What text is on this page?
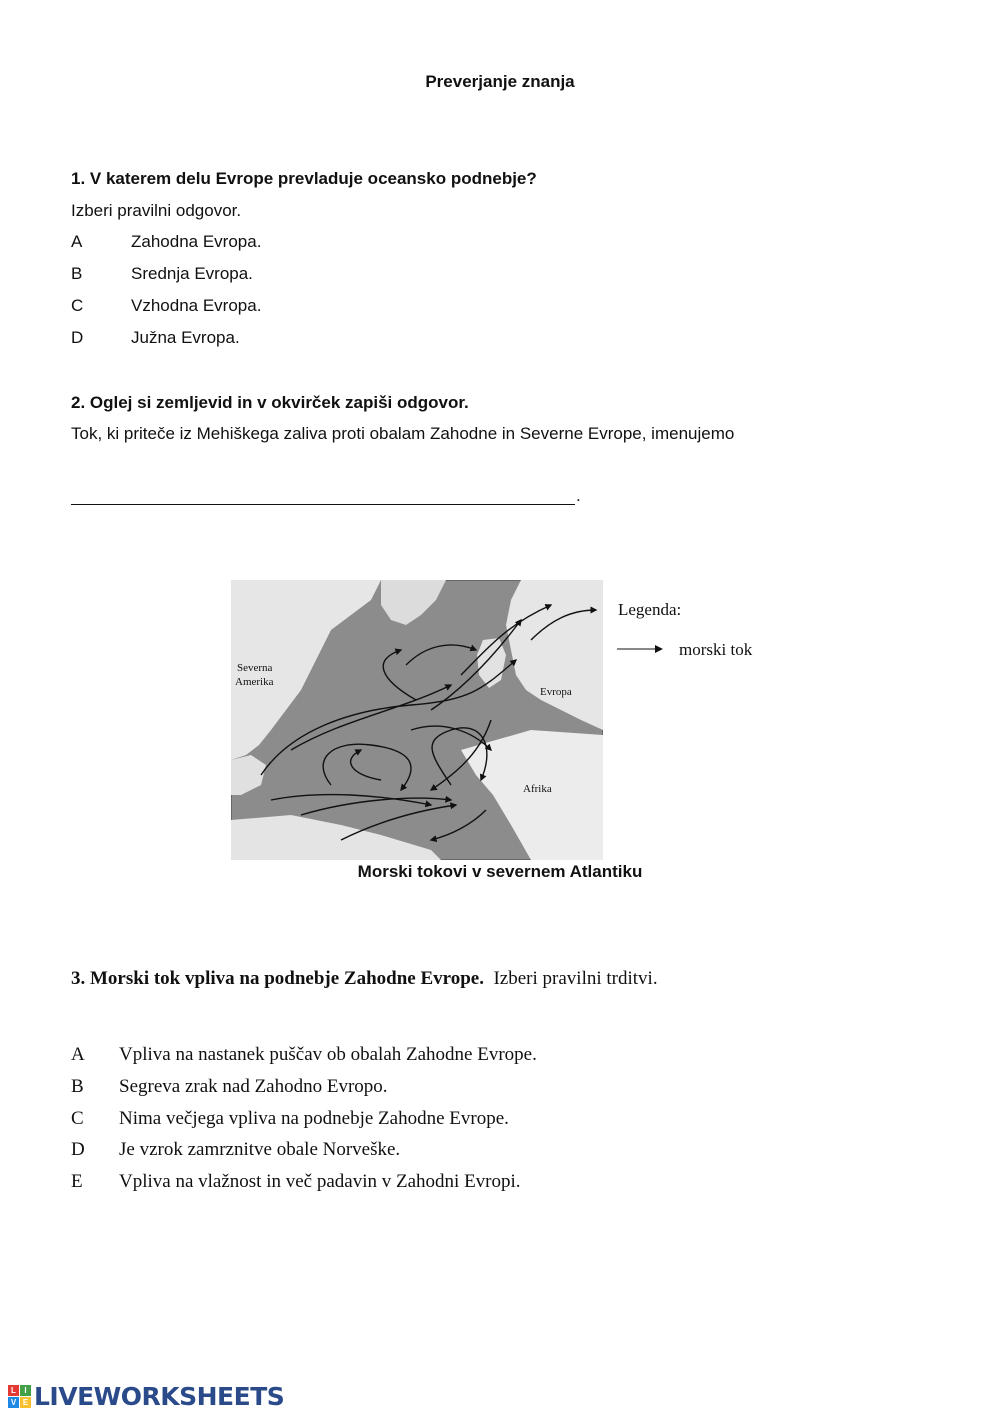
Preverjanje znanja
1. V katerem delu Evrope prevladuje oceansko podnebje?
Izberi pravilni odgovor.
A	Zahodna Evropa.
B	Srednja Evropa.
C	Vzhodna Evropa.
D	Južna Evropa.
2. Oglej si zemljevid in v okvirček zapiši odgovor.
Tok, ki priteče iz Mehiškega zaliva proti obalam Zahodne in Severne Evrope, imenujemo
.
Severna
Amerika
Evropa
Afrika
Legenda:
morski tok
Morski tokovi v severnem Atlantiku
3. Morski tok vpliva na podnebje Zahodne Evrope. Izberi pravilni trditvi.
A Vpliva na nastanek puščav ob obalah Zahodne Evrope.
B Segreva zrak nad Zahodno Evropo.
C Nima večjega vpliva na podnebje Zahodne Evrope.
D Je vzrok zamrznitve obale Norveške.
E Vpliva na vlažnost in več padavin v Zahodni Evropi.
L	I
V E LIVEWORKSHEETS
